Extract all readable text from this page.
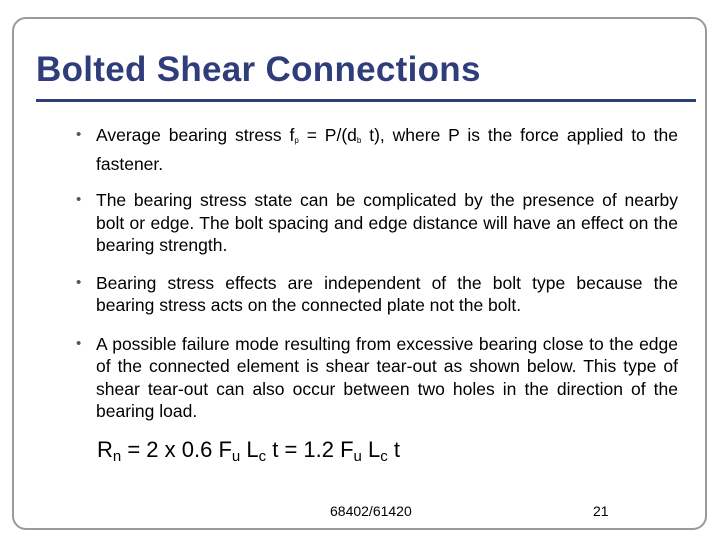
Bolted Shear Connections
• Average bearing stress $f_p = P/(d_b$ t), where P is the force applied to the fastener.
• The bearing stress state can be complicated by the presence of nearby bolt or edge. The bolt spacing and edge distance will have an effect on the bearing strength.
• Bearing stress effects are independent of the bolt type because the bearing stress acts on the connected plate not the bolt.
• A possible failure mode resulting from excessive bearing close to the edge of the connected element is shear tear-out as shown below. This type of shear tear-out can also occur between two holes in the direction of the bearing load.
$R_n = 2$ x 0.6 $F_u$ $L_c$ t = 1.2 $F_u$ $L_c$ t
68402/61420	21
